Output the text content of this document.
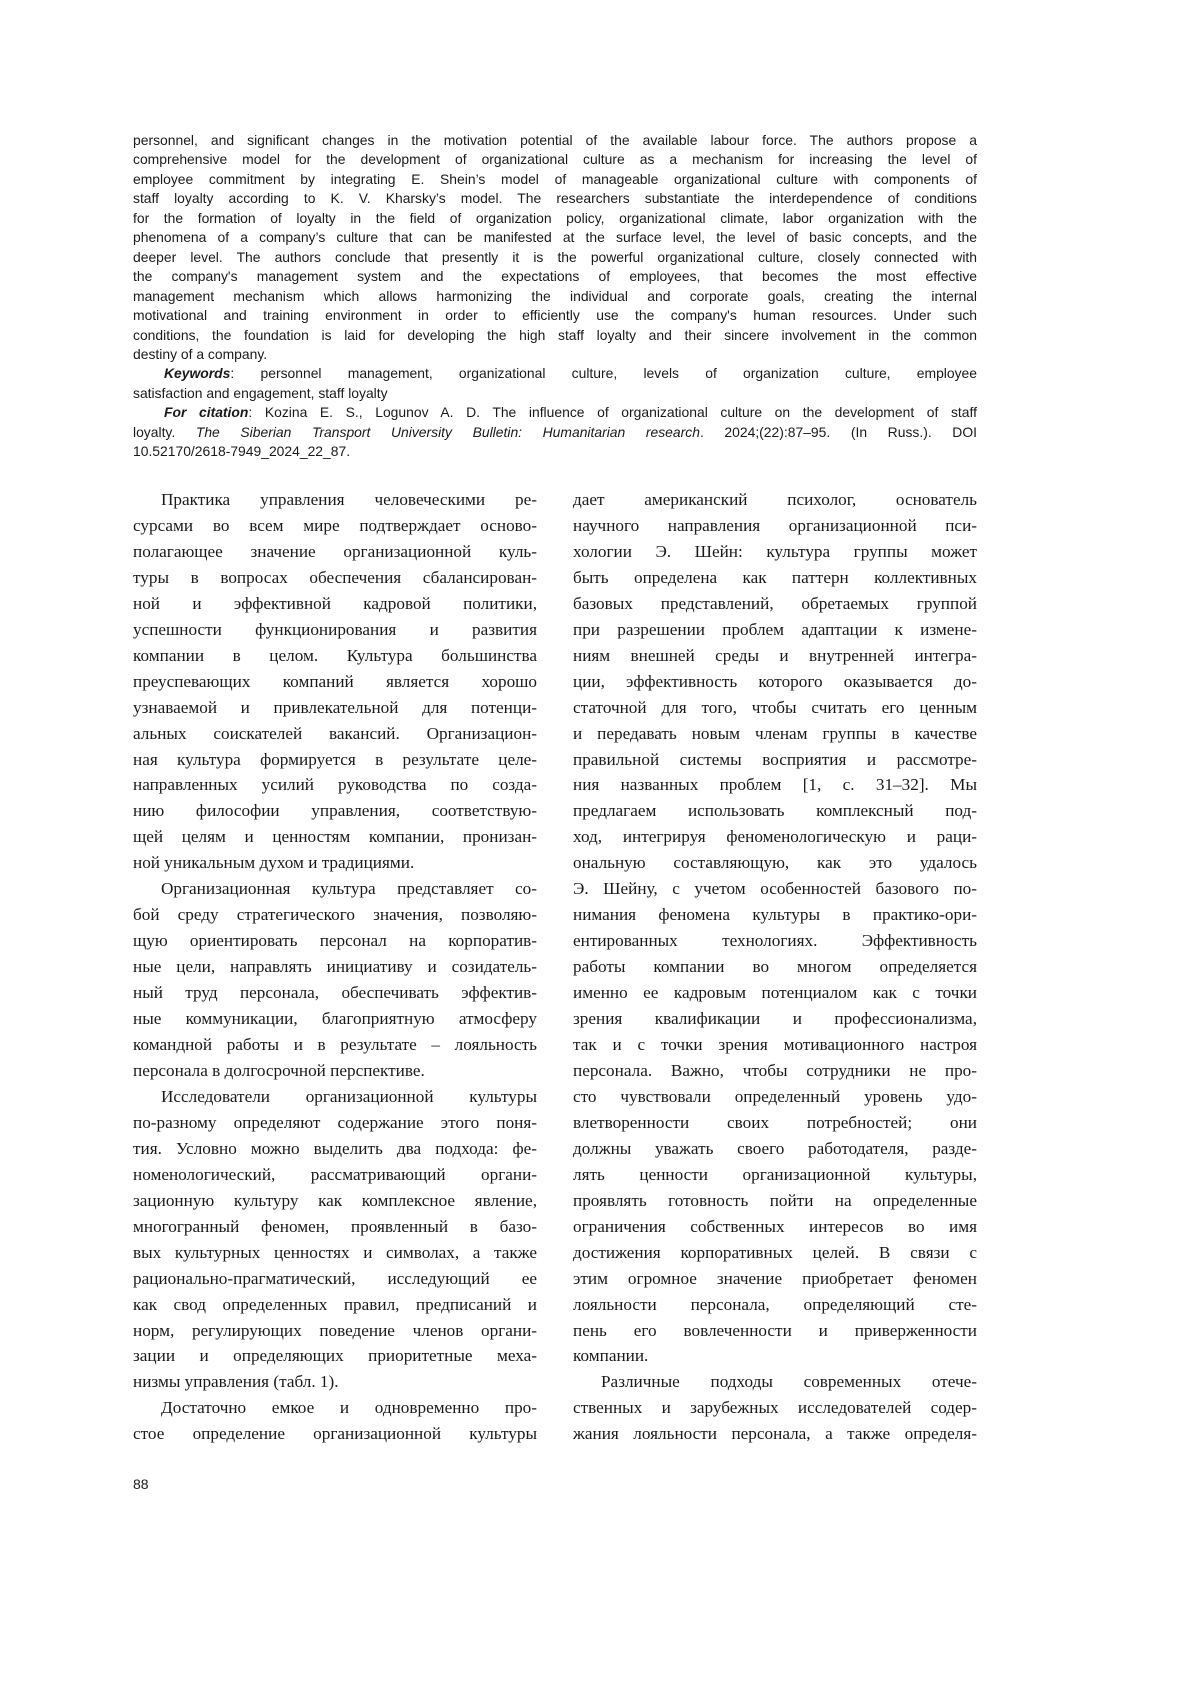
personnel, and significant changes in the motivation potential of the available labour force. The authors propose a
comprehensive model for the development of organizational culture as a mechanism for increasing the level of
employee commitment by integrating E. Shein’s model of manageable organizational culture with components of
staff loyalty according to K. V. Kharsky’s model. The researchers substantiate the interdependence of conditions
for the formation of loyalty in the field of organization policy, organizational climate, labor organization with the
phenomena of a company’s culture that can be manifested at the surface level, the level of basic concepts, and the
deeper level. The authors conclude that presently it is the powerful organizational culture, closely connected with
the company's management system and the expectations of employees, that becomes the most effective
management mechanism which allows harmonizing the individual and corporate goals, creating the internal
motivational and training environment in order to efficiently use the company's human resources. Under such
conditions, the foundation is laid for developing the high staff loyalty and their sincere involvement in the common
destiny of a company.
Keywords: personnel management, organizational culture, levels of organization culture, employee
satisfaction and engagement, staff loyalty
For citation: Kozina E. S., Logunov A. D. The influence of organizational culture on the development of staff
loyalty. The Siberian Transport University Bulletin: Humanitarian research. 2024;(22):87–95. (In Russ.). DOI
10.52170/2618-7949_2024_22_87.
Практика управления человеческими ре-
сурсами во всем мире подтверждает осново-
полагающее значение организационной куль-
туры в вопросах обеспечения сбалансирован-
ной и эффективной кадровой политики,
успешности функционирования и развития
компании в целом. Культура большинства
преуспевающих компаний является хорошо
узнаваемой и привлекательной для потенци-
альных соискателей вакансий. Организацион-
ная культура формируется в результате целе-
направленных усилий руководства по созда-
нию философии управления, соответствую-
щей целям и ценностям компании, пронизан-
ной уникальным духом и традициями.
Организационная культура представляет со-
бой среду стратегического значения, позволяю-
щую ориентировать персонал на корпоратив-
ные цели, направлять инициативу и созидатель-
ный труд персонала, обеспечивать эффектив-
ные коммуникации, благоприятную атмосферу
командной работы и в результате – лояльность
персонала в долгосрочной перспективе.
Исследователи организационной культуры
по-разному определяют содержание этого поня-
тия. Условно можно выделить два подхода: фе-
номенологический, рассматривающий органи-
зационную культуру как комплексное явление,
многогранный феномен, проявленный в базо-
вых культурных ценностях и символах, а также
рационально-прагматический, исследующий ее
как свод определенных правил, предписаний и
норм, регулирующих поведение членов органи-
зации и определяющих приоритетные меха-
низмы управления (табл. 1).
Достаточно емкое и одновременно про-
стое определение организационной культуры
дает американский психолог, основатель
научного направления организационной пси-
хологии Э. Шейн: культура группы может
быть определена как паттерн коллективных
базовых представлений, обретаемых группой
при разрешении проблем адаптации к измене-
ниям внешней среды и внутренней интегра-
ции, эффективность которого оказывается до-
статочной для того, чтобы считать его ценным
и передавать новым членам группы в качестве
правильной системы восприятия и рассмотре-
ния названных проблем [1, с. 31–32]. Мы
предлагаем использовать комплексный под-
ход, интегрируя феноменологическую и раци-
ональную составляющую, как это удалось
Э. Шейну, с учетом особенностей базового по-
нимания феномена культуры в практико-ори-
ентированных технологиях. Эффективность
работы компании во многом определяется
именно ее кадровым потенциалом как с точки
зрения квалификации и профессионализма,
так и с точки зрения мотивационного настроя
персонала. Важно, чтобы сотрудники не про-
сто чувствовали определенный уровень удо-
влетворенности своих потребностей; они
должны уважать своего работодателя, разде-
лять ценности организационной культуры,
проявлять готовность пойти на определенные
ограничения собственных интересов во имя
достижения корпоративных целей. В связи с
этим огромное значение приобретает феномен
лояльности персонала, определяющий сте-
пень его вовлеченности и приверженности
компании.
Различные подходы современных отече-
ственных и зарубежных исследователей содер-
жания лояльности персонала, а также определя-
88
